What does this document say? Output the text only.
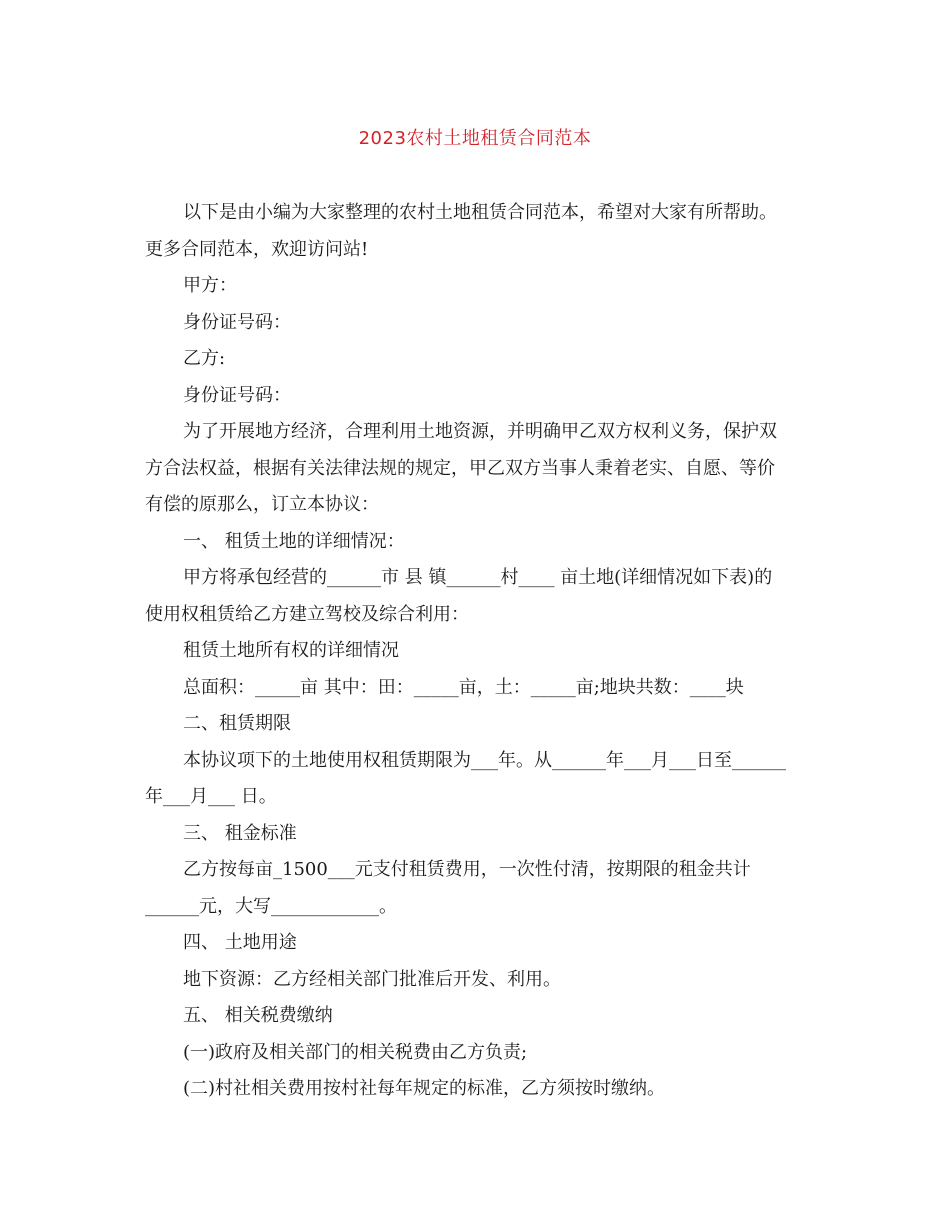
2023农村土地租赁合同范本

以下是由小编为大家整理的农村土地租赁合同范本，希望对大家有所帮助。

更多合同范本，欢迎访问站!

甲方：

身份证号码：

乙方:

身份证号码：

为了开展地方经济，合理利用土地资源，并明确甲乙双方权利义务，保护双

方合法权益，根据有关法律法规的规定，甲乙双方当事人秉着老实、自愿、等价

有偿的原那么，订立本协议：

一、 租赁土地的详细情况：

甲方将承包经营的______市 县 镇______村____ 亩土地(详细情况如下表)的

使用权租赁给乙方建立驾校及综合利用：

租赁土地所有权的详细情况

总面积：_____亩 其中：田：_____亩，土：_____亩;地块共数：____块

二、租赁期限

本协议项下的土地使用权租赁期限为___年。从______年___月___日至______

年___月___ 日。

三、 租金标准

乙方按每亩_1500___元支付租赁费用，一次性付清，按期限的租金共计

______元，大写____________。

四、 土地用途

地下资源：乙方经相关部门批准后开发、利用。

五、 相关税费缴纳

(一)政府及相关部门的相关税费由乙方负责;

(二)村社相关费用按村社每年规定的标准，乙方须按时缴纳。
